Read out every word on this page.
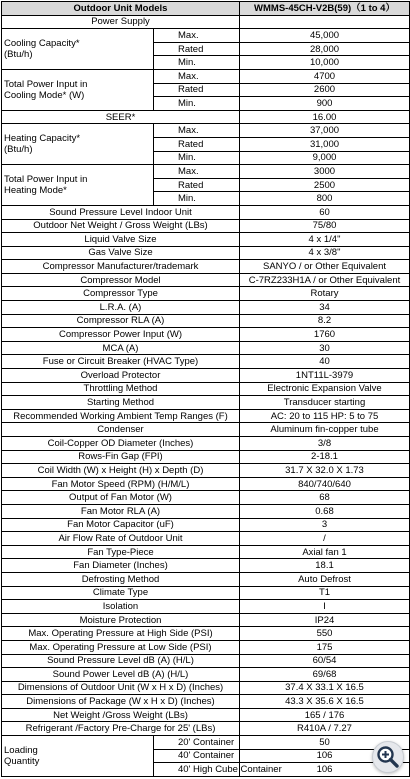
Outdoor Unit Models		WMMS-45CH-V2B(59)（1 to 4）
Power Supply		
Cooling Capacity*
(Btu/h)	Max.	45,000
	Rated	28,000
	Min.	10,000
Total Power Input in
Cooling Mode* (W)	Max.	4700
	Rated	2600
	Min.	900
SEER*		16.00
Heating Capacity*
(Btu/h)	Max.	37,000
	Rated	31,000
	Min.	9,000
Total Power Input in
Heating Mode*	Max.	3000
	Rated	2500
	Min.	800
Sound Pressure Level Indoor Unit		60
Outdoor Net Weight / Gross Weight (LBs)		75/80
Liquid Valve Size		4 x 1/4"
Gas Valve Size		4 x 3/8"
Compressor Manufacturer/trademark		SANYO / or Other Equivalent
Compressor Model		C-7RZ233H1A / or Other Equivalent
Compressor Type		Rotary
L.R.A. (A)		34
Compressor RLA (A)		8.2
Compressor Power Input (W)		1760
MCA (A)		30
Fuse or Circuit Breaker (HVAC Type)		40
Overload Protector		1NT11L-3979
Throttling Method		Electronic Expansion Valve
Starting Method		Transducer starting
Recommended Working Ambient Temp Ranges (F)		AC: 20 to 115 HP: 5 to 75
Condenser		Aluminum fin-copper tube
Coil-Copper OD Diameter (Inches)		3/8
Rows-Fin Gap (FPI)		2-18.1
Coil Width (W) x Height (H) x Depth (D)		31.7 X 32.0 X 1.73
Fan Motor Speed (RPM) (H/M/L)		840/740/640
Output of Fan Motor (W)		68
Fan Motor RLA (A)		0.68
Fan Motor Capacitor (uF)		3
Air Flow Rate of Outdoor Unit		/
Fan Type-Piece		Axial fan 1
Fan Diameter (Inches)		18.1
Defrosting Method		Auto Defrost
Climate Type		T1
Isolation		I
Moisture Protection		IP24
Max. Operating Pressure at High Side (PSI)		550
Max. Operating Pressure at Low Side (PSI)		175
Sound Pressure Level dB (A) (H/L)		60/54
Sound Power Level dB (A) (H/L)		69/68
Dimensions of Outdoor Unit (W x H x D) (Inches)		37.4 X 33.1 X 16.5
Dimensions of Package (W x H x D) (Inches)		43.3 X 35.6 X 16.5
Net Weight /Gross Weight (LBs)		165 / 176
Refrigerant /Factory Pre-Charge for 25' (LBs)		R410A / 7.27
Loading
Quantity	20' Container	50
	40' Container	106
	40' High Cube Container	106
